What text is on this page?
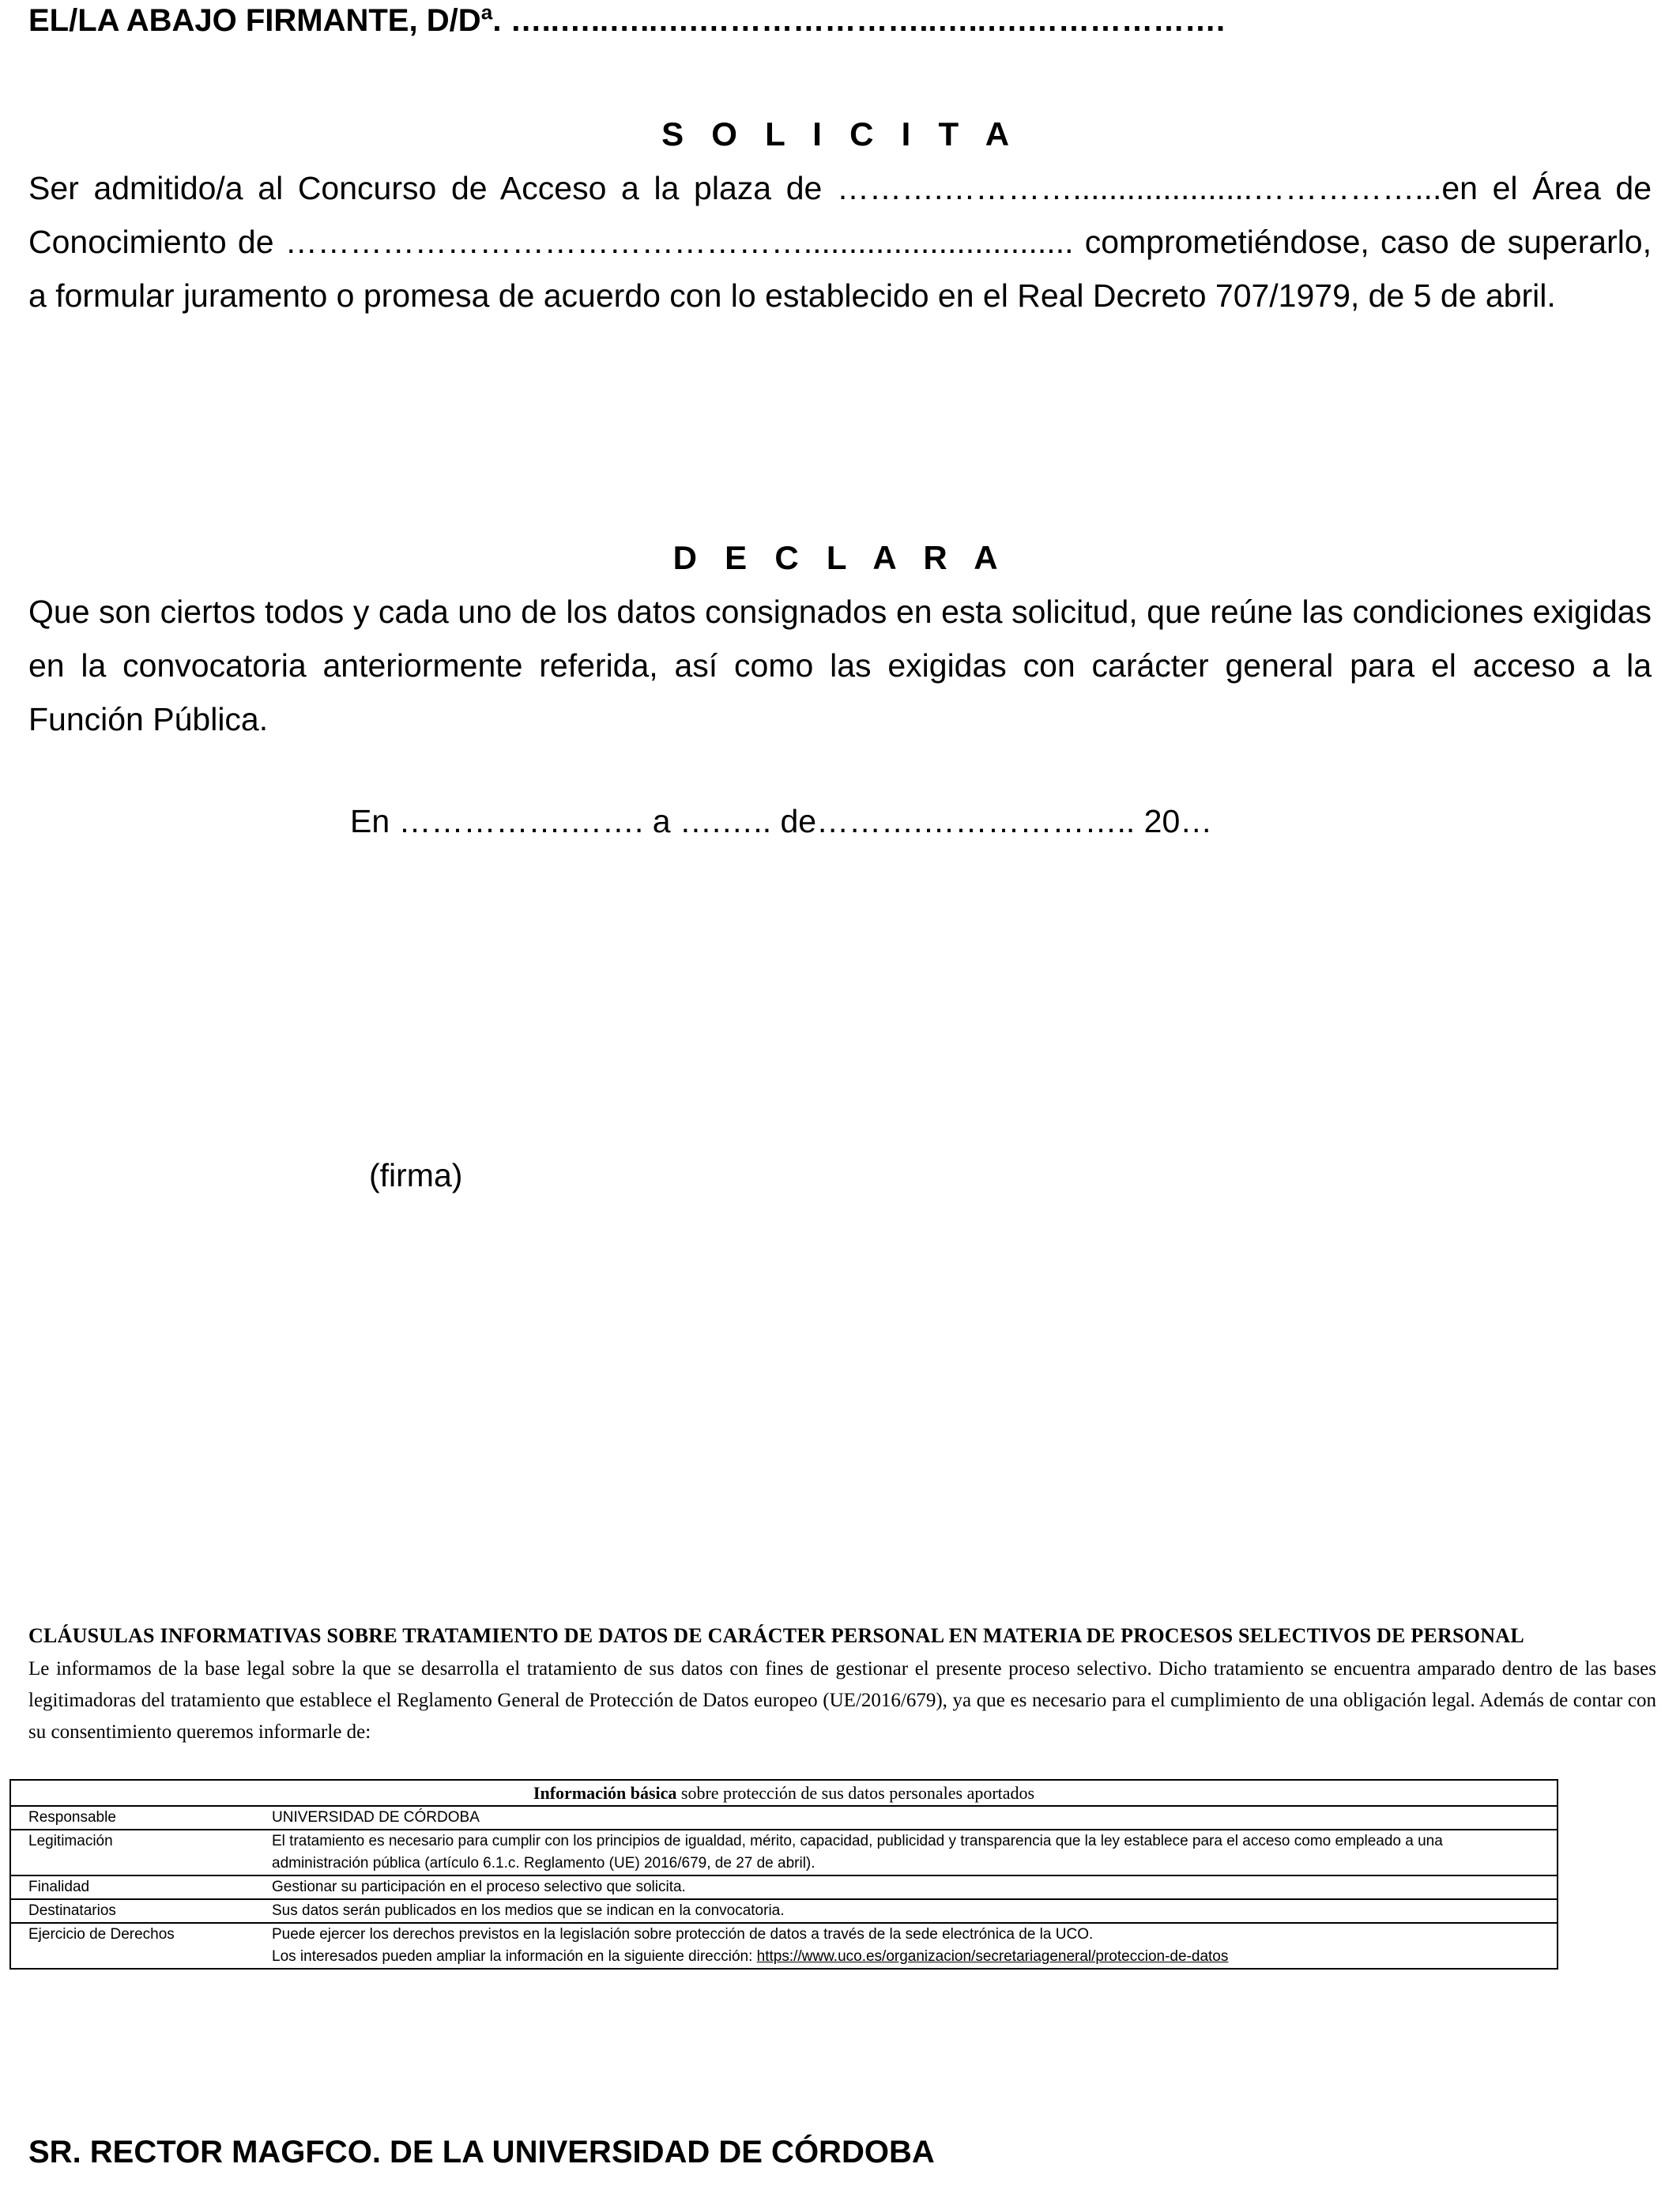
EL/LA ABAJO FIRMANTE, D/Dª. …..…..…..….…………………..…..….……………….
S O L I C I T A
Ser admitido/a al Concurso de Acceso a la plaza de ……….…………....................……………...en el Área de Conocimiento de ………………………………………….............................. comprometiéndose, caso de superarlo, a formular juramento o promesa de acuerdo con lo establecido en el Real Decreto 707/1979, de 5 de abril.
D E C L A R A
Que son ciertos todos y cada uno de los datos consignados en esta solicitud, que reúne las condiciones exigidas en la convocatoria anteriormente referida, así como las exigidas con carácter general para el acceso a la Función Pública.
En …………….……. a ….….. de……….……………….. 20…
(firma)
CLÁUSULAS INFORMATIVAS SOBRE TRATAMIENTO DE DATOS DE CARÁCTER PERSONAL EN MATERIA DE PROCESOS SELECTIVOS DE PERSONAL
Le informamos de la base legal sobre la que se desarrolla el tratamiento de sus datos con fines de gestionar el presente proceso selectivo. Dicho tratamiento se encuentra amparado dentro de las bases legitimadoras del tratamiento que establece el Reglamento General de Protección de Datos europeo (UE/2016/679), ya que es necesario para el cumplimiento de una obligación legal. Además de contar con su consentimiento queremos informarle de:
Información básica sobre protección de sus datos personales aportados
Responsable	UNIVERSIDAD DE CÓRDOBA
Legitimación	El tratamiento es necesario para cumplir con los principios de igualdad, mérito, capacidad, publicidad y transparencia que la ley establece para el acceso como empleado a una administración pública (artículo 6.1.c. Reglamento (UE) 2016/679, de 27 de abril).
Finalidad	Gestionar su participación en el proceso selectivo que solicita.
Destinatarios	Sus datos serán publicados en los medios que se indican en la convocatoria.
Ejercicio de Derechos	Puede ejercer los derechos previstos en la legislación sobre protección de datos a través de la sede electrónica de la UCO.
Los interesados pueden ampliar la información en la siguiente dirección: https://www.uco.es/organizacion/secretariageneral/proteccion-de-datos
SR. RECTOR MAGFCO. DE LA UNIVERSIDAD DE CÓRDOBA
